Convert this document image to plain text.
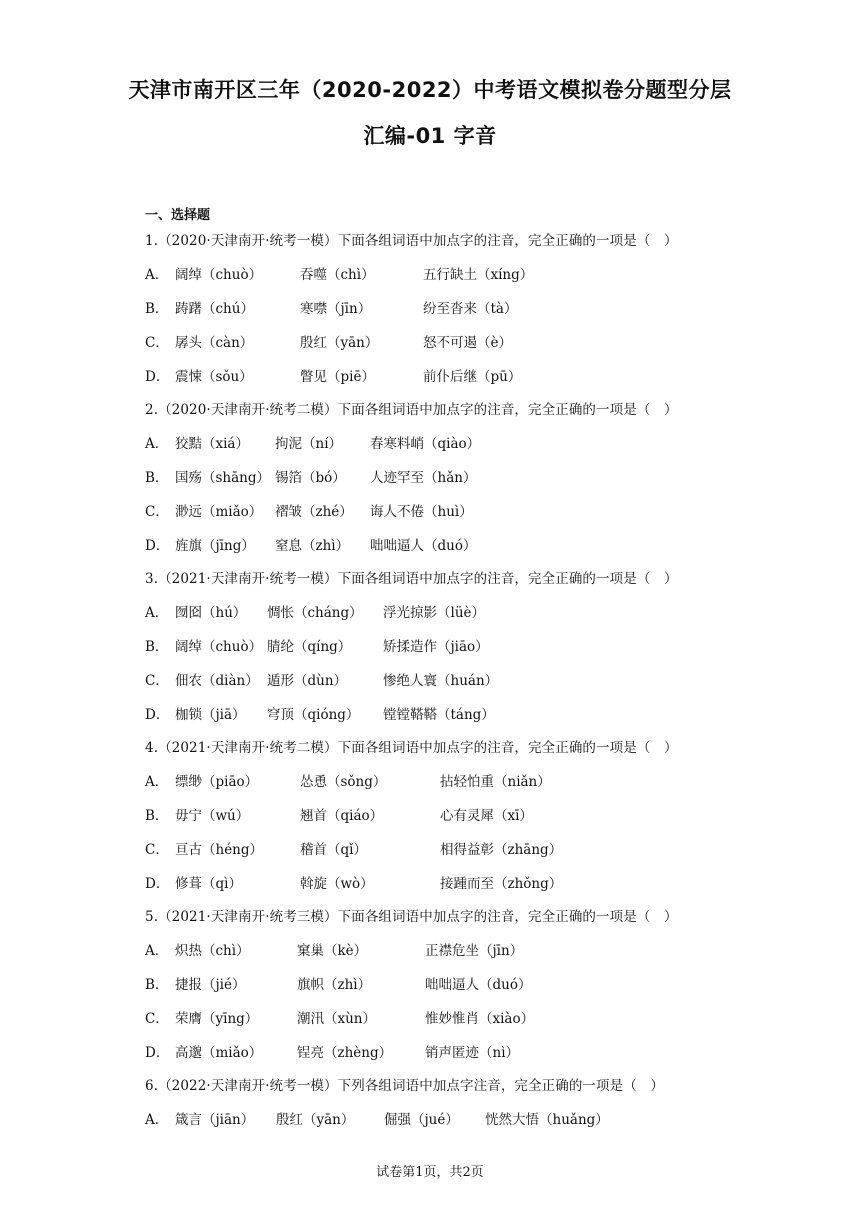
天津市南开区三年（2020-2022）中考语文模拟卷分题型分层
汇编-01 字音
一、选择题
1.（2020·天津南开·统考一模）下面各组词语中加点字的注音，完全正确的一项是（　）
A． 阔绰（chuò）	吞噬（chì）	五行缺土（xíng）
B． 踌躇（chú）	寒噤（jīn）	纷至沓来（tà）
C． 孱头（càn）	殷红（yān）	怒不可遏（è）
D． 震悚（sǒu）	瞥见（piē）	前仆后继（pū）
2.（2020·天津南开·统考二模）下面各组词语中加点字的注音，完全正确的一项是（　）
A． 狡黠（xiá） 拘泥（ní） 春寒料峭（qiào）
B． 国殇（shāng） 锡箔（bó） 人迹罕至（hǎn）
C． 渺远（miǎo） 褶皱（zhé） 诲人不倦（huì）
D． 旌旗（jīng） 窒息（zhì） 咄咄逼人（duó）
3.（2021·天津南开·统考一模）下面各组词语中加点字的注音，完全正确的一项是（　）
A． 囫囵（hú） 惆怅（cháng） 浮光掠影（lüè）
B． 阔绰（chuò） 腈纶（qíng） 矫揉造作（jiāo）
C． 佃农（diàn） 遁形（dùn）	惨绝人寰（huán）
D． 枷锁（jiā） 穹顶（qióng） 镗镗鞳鞳（táng）
4.（2021·天津南开·统考二模）下面各组词语中加点字的注音，完全正确的一项是（　）
A． 缥缈（piāo）	怂恿（sǒng）	拈轻怕重（niǎn）
B． 毋宁（wú）	翘首（qiáo）	心有灵犀（xī）
C． 亘古（héng）	稽首（qǐ）	相得益彰（zhāng）
D． 修葺（qì）	斡旋（wò）	接踵而至（zhǒng）
5.（2021·天津南开·统考三模）下面各组词语中加点字的注音，完全正确的一项是（　）
A． 炽热（chì）	窠巢（kè）	正襟危坐（jīn）
B． 捷报（jié）	旗帜（zhì）	咄咄逼人（duó）
C． 荣膺（yīng）	潮汛（xùn）	惟妙惟肖（xiào）
D． 高邈（miǎo）	锃亮（zhèng） 销声匿迹（nì）
6.（2022·天津南开·统考一模）下列各组词语中加点字注音，完全正确的一项是（　）
A． 箴言（jiān） 殷红（yān） 倔强（jué） 恍然大悟（huǎng）
试卷第1页，共2页
